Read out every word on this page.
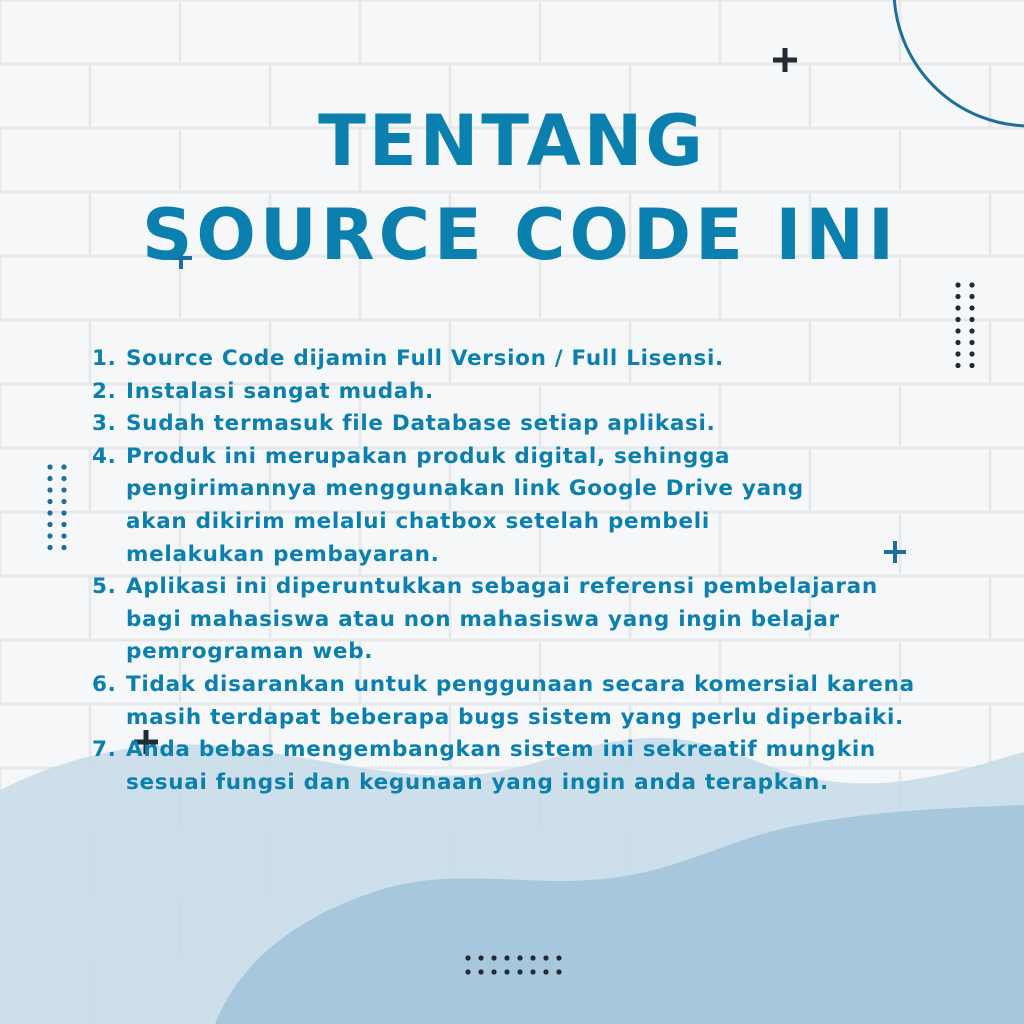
TENTANG
SOURCE CODE INI
1. Source Code dijamin Full Version / Full Lisensi.
2. Instalasi sangat mudah.
3. Sudah termasuk file Database setiap aplikasi.
4. Produk ini merupakan produk digital, sehingga
pengirimannya menggunakan link Google Drive yang
akan dikirim melalui chatbox setelah pembeli
melakukan pembayaran.
5. Aplikasi ini diperuntukkan sebagai referensi pembelajaran
bagi mahasiswa atau non mahasiswa yang ingin belajar
pemrograman web.
6. Tidak disarankan untuk penggunaan secara komersial karena
masih terdapat beberapa bugs sistem yang perlu diperbaiki.
7. Anda bebas mengembangkan sistem ini sekreatif mungkin
sesuai fungsi dan kegunaan yang ingin anda terapkan.
